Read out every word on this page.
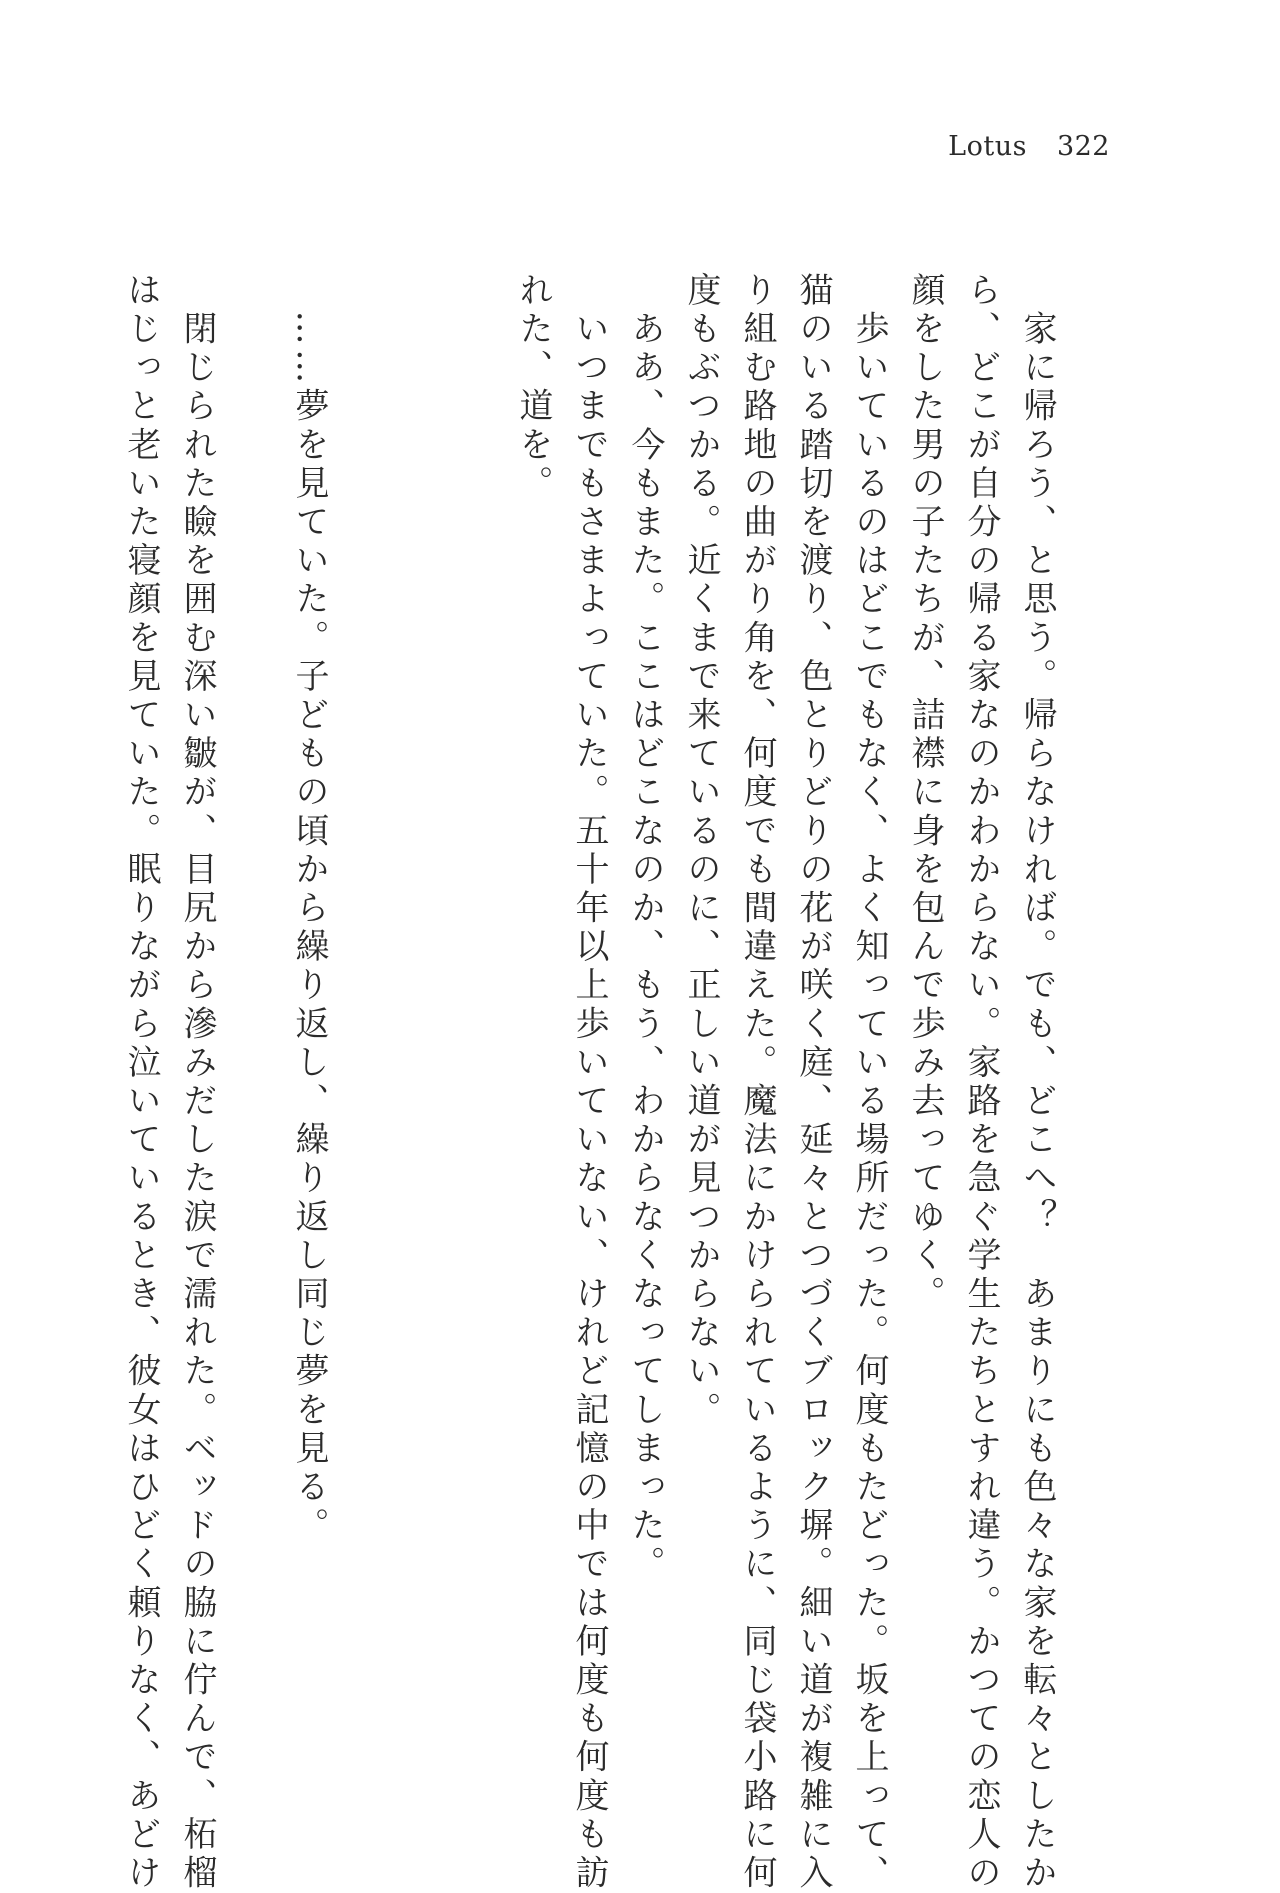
Lotus 322
　家に帰ろう、と思う。帰らなければ。でも、どこへ？　あまりにも色々な家を転々としたか
ら、どこが自分の帰る家なのかわからない。家路を急ぐ学生たちとすれ違う。かつての恋人の
顔をした男の子たちが、詰襟に身を包んで歩み去ってゆく。
　歩いているのはどこでもなく、よく知っている場所だった。何度もたどった。坂を上って、
猫のいる踏切を渡り、色とりどりの花が咲く庭、延々とつづくブロック塀。細い道が複雑に入
り組む路地の曲がり角を、何度でも間違えた。魔法にかけられているように、同じ袋小路に何
度もぶつかる。近くまで来ているのに、正しい道が見つからない。
　ああ、今もまた。ここはどこなのか、もう、わからなくなってしまった。
　いつまでもさまよっていた。五十年以上歩いていない、けれど記憶の中では何度も何度も訪
れた、道を。

　……夢を見ていた。子どもの頃から繰り返し、繰り返し同じ夢を見る。

　閉じられた瞼を囲む深い皺が、目尻から滲みだした涙で濡れた。ベッドの脇に佇んで、柘榴
はじっと老いた寝顔を見ていた。眠りながら泣いているとき、彼女はひどく頼りなく、あどけ
